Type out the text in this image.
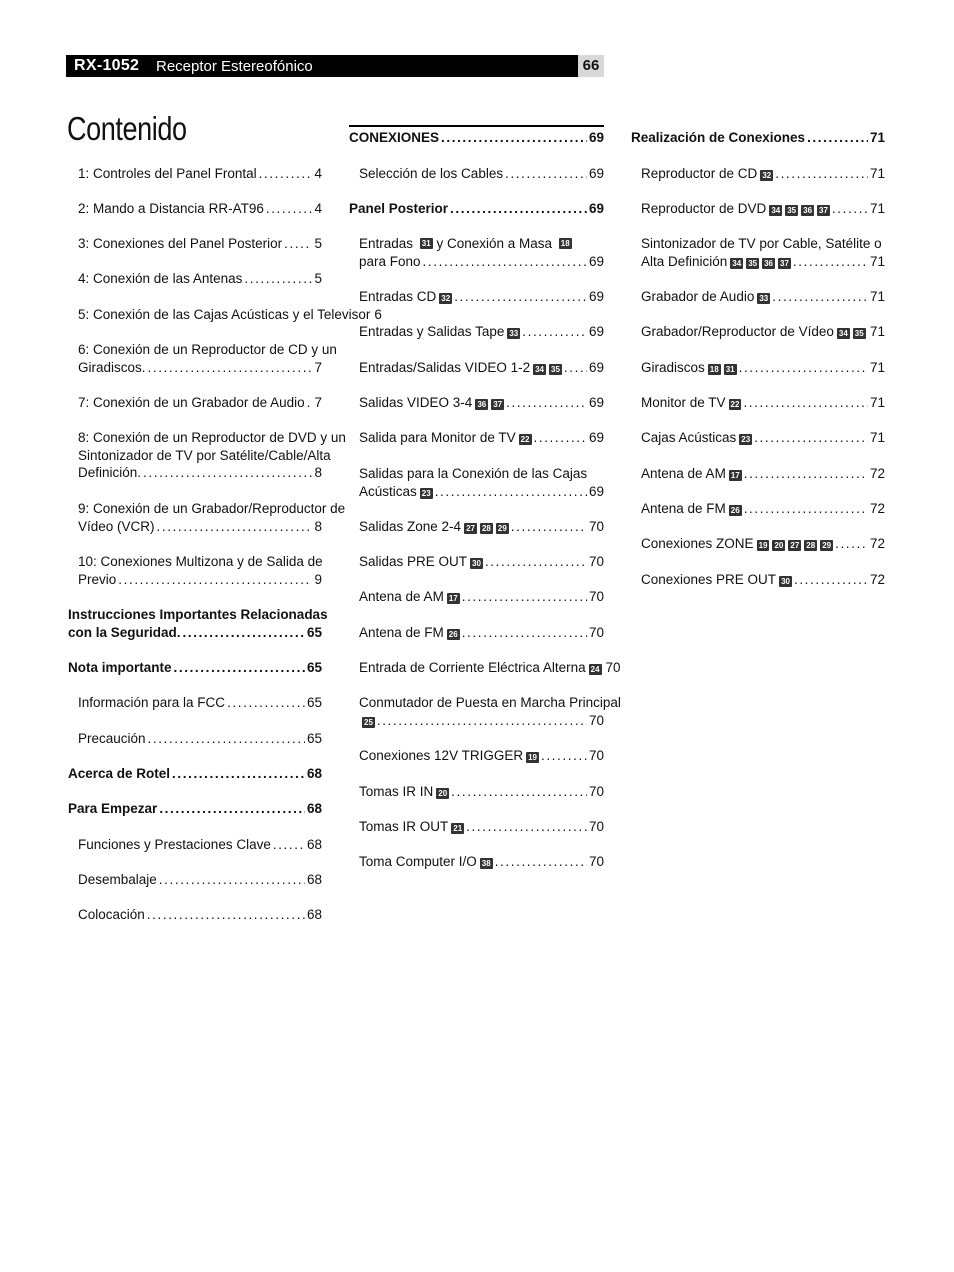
RX-1052 Receptor Estereofónico	66
Contenido
1: Controles del Panel Frontal .....	4
2: Mando a Distancia RR-AT96 .....	4
3: Conexiones del Panel Posterior ..... 5
4: Conexión de las Antenas .....	5
5: Conexión de las Cajas Acústicas y el Televisor 6
6: Conexión de un Reproductor de CD y un
Giradiscos. .....	7
7: Conexión de un Grabador de Audio ..... 7
8: Conexión de un Reproductor de DVD y un
Sintonizador de TV por Satélite/Cable/Alta
Definición. .....	8
9: Conexión de un Grabador/Reproductor de
Vídeo (VCR) .....	8
10: Conexiones Multizona y de Salida de
Previo .....	9
Instrucciones Importantes Relacionadas
con la Seguridad. .....	65
Nota importante .....	65
Información para la FCC .....	65
Precaución .....	65
Acerca de Rotel .....	68
Para Empezar .....	68
Funciones y Prestaciones Clave .....	68
Desembalaje .....	68
Colocación .....	68
CONEXIONES .....	69
Selección de los Cables .....	69
Panel Posterior .....	69
Entradas 31 y Conexión a Masa 18
para Fono .....	69
Entradas CD 32 .....	69
Entradas y Salidas Tape 33 .....	69
Entradas/Salidas VIDEO 1-2 34 35 ..... 69
Salidas VIDEO 3-4 36 37 .....	69
Salida para Monitor de TV 22 .....	69
Salidas para la Conexión de las Cajas
Acústicas 23 .....	69
Salidas Zone 2-4 27 28 29 .....	70
Salidas PRE OUT 30 .....	70
Antena de AM 17 .....	70
Antena de FM 26 .....	70
Entrada de Corriente Eléctrica Alterna 24 70
Conmutador de Puesta en Marcha Principal
25 .....	70
Conexiones 12V TRIGGER 19 .....	70
Tomas IR IN 20 .....	70
Tomas IR OUT 21 .....	70
Toma Computer I/O 38 .....	70
Realización de Conexiones .....	71
Reproductor de CD 32 .....	71
Reproductor de DVD 34 35 36 37 .....	71
Sintonizador de TV por Cable, Satélite o
Alta Definición 34 35 36 37 .....	71
Grabador de Audio 33 .....	71
Grabador/Reproductor de Vídeo 34 35 ..... 71
Giradiscos 18 31 .....	71
Monitor de TV 22 .....	71
Cajas Acústicas 23 .....	71
Antena de AM 17 .....	72
Antena de FM 26 .....	72
Conexiones ZONE 19 20 27 28 29 .....	72
Conexiones PRE OUT 30 .....	72
